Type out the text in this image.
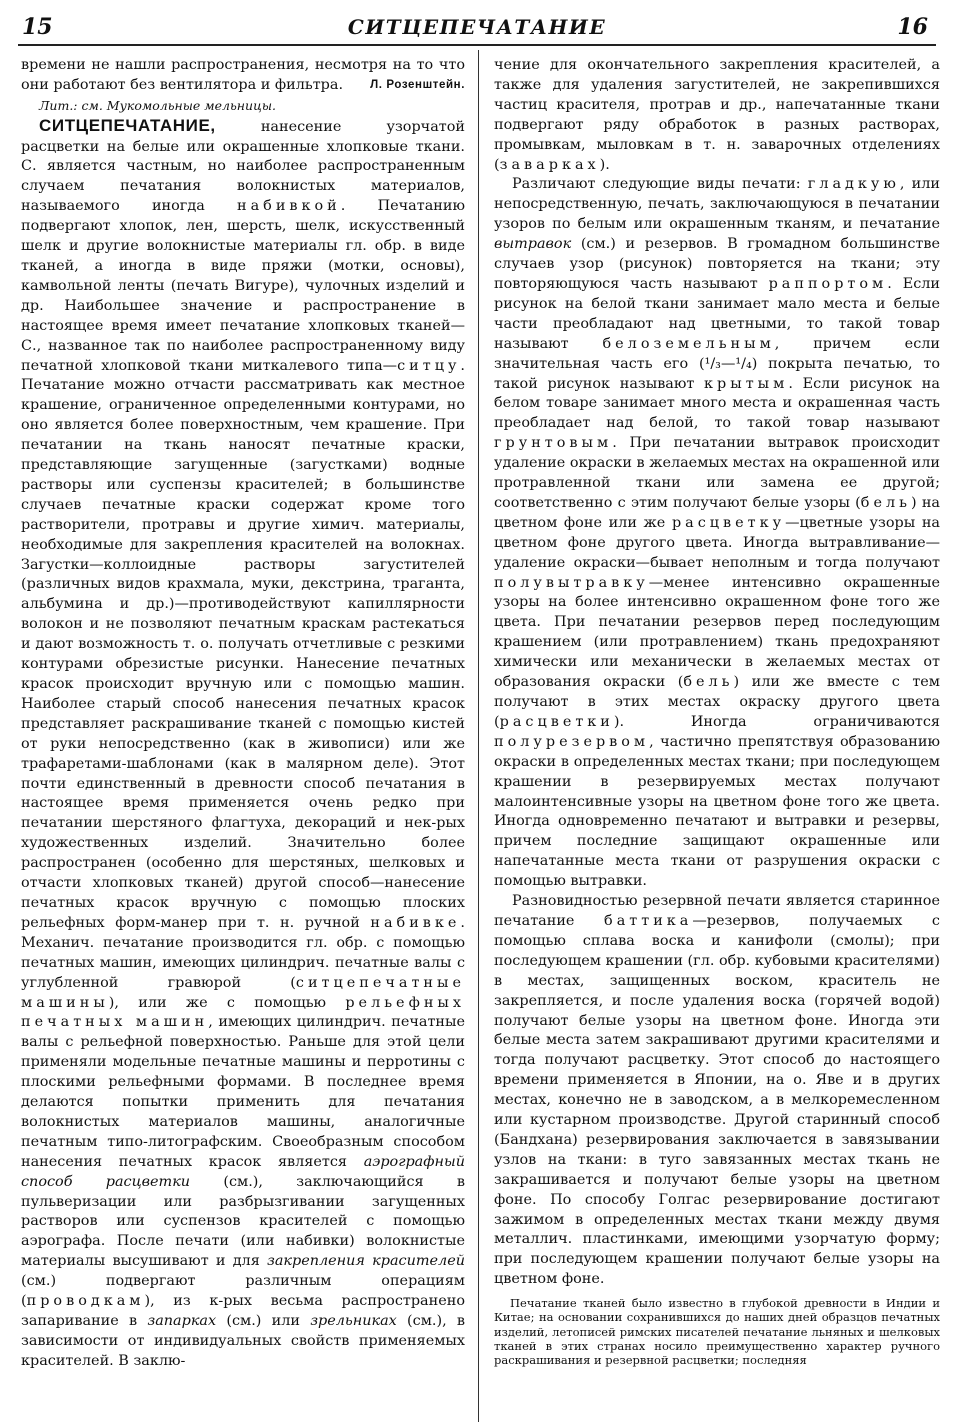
15	СИТЦЕПЕЧАТАНИЕ	16

времени не нашли распространения, несмотря на то что они работают без вентилятора и фильтра.	Л. Розенштейн.

Лит.: см. Мукомольные мельницы.

СИТЦЕПЕЧАТАНИЕ, нанесение узорчатой расцветки на белые или окрашенные хлопковые ткани. С. является частным, но наиболее распространенным случаем печатания волокнистых материалов, называемого иногда набивкой. Печатанию подвергают хлопок, лен, шерсть, шелк, искусственный шелк и другие волокнистые материалы гл. обр. в виде тканей, а иногда в виде пряжи (мотки, основы), камвольной ленты (печать Вигуре), чулочных изделий и др. Наибольшее значение и распространение в настоящее время имеет печатание хлопковых тканей—С., названное так по наиболее распространенному виду печатной хлопковой ткани миткалевого типа—ситцу. Печатание можно отчасти рассматривать как местное крашение, ограниченное определенными контурами, но оно является более поверхностным, чем крашение. При печатании на ткань наносят печатные краски, представляющие загущенные (загустками) водные растворы или суспензы красителей; в большинстве случаев печатные краски содержат кроме того растворители, протравы и другие химич. материалы, необходимые для закрепления красителей на волокнах. Загустки—коллоидные растворы загустителей (различных видов крахмала, муки, декстрина, траганта, альбумина и др.)—противодействуют капиллярности волокон и не позволяют печатным краскам растекаться и дают возможность т. о. получать отчетливые с резкими контурами обрезистые рисунки. Нанесение печатных красок происходит вручную или с помощью машин. Наиболее старый способ нанесения печатных красок представляет раскрашивание тканей с помощью кистей от руки непосредственно (как в живописи) или же трафаретами-шаблонами (как в малярном деле). Этот почти единственный в древности способ печатания в настоящее время применяется очень редко при печатании шерстяного флагтуха, декораций и нек-рых художественных изделий. Значительно более распространен (особенно для шерстяных, шелковых и отчасти хлопковых тканей) другой способ—нанесение печатных красок вручную с помощью плоских рельефных форм-манер при т. н. ручной набивке. Механич. печатание производится гл. обр. с помощью печатных машин, имеющих цилиндрич. печатные валы с углубленной гравюрой (ситцепечатные машины), или же с помощью рельефных печатных машин, имеющих цилиндрич. печатные валы с рельефной поверхностью. Раньше для этой цели применяли модельные печатные машины и перротины с плоскими рельефными формами. В последнее время делаются попытки применить для печатания волокнистых материалов машины, аналогичные печатным типо-литографским. Своеобразным способом нанесения печатных красок является аэрографный способ расцветки (см.), заключающийся в пульверизации или разбрызгивании загущенных растворов или суспензов красителей с помощью аэрографа. После печати (или набивки) волокнистые материалы высушивают и для закрепления красителей (см.) подвергают различным операциям (проводкам), из к-рых весьма распространено запаривание в запарках (см.) или зрельниках (см.), в зависимости от индивидуальных свойств применяемых красителей. В заклю-

чение для окончательного закрепления красителей, а также для удаления загустителей, не закрепившихся частиц красителя, протрав и др., напечатанные ткани подвергают ряду обработок в разных растворах, промывкам, мыловкам в т. н. заварочных отделениях (заварках).

Различают следующие виды печати: гладкую, или непосредственную, печать, заключающуюся в печатании узоров по белым или окрашенным тканям, и печатание вытравок (см.) и резервов. В громадном большинстве случаев узор (рисунок) повторяется на ткани; эту повторяющуюся часть называют раппортом. Если рисунок на белой ткани занимает мало места и белые части преобладают над цветными, то такой товар называют белоземельным, причем если значительная часть его (¹/₃—¹/₄) покрыта печатью, то такой рисунок называют крытым. Если рисунок на белом товаре занимает много места и окрашенная часть преобладает над белой, то такой товар называют грунтовым. При печатании вытравок происходит удаление окраски в желаемых местах на окрашенной или протравленной ткани или замена ее другой; соответственно с этим получают белые узоры (бель) на цветном фоне или же расцветку—цветные узоры на цветном фоне другого цвета. Иногда вытравливание—удаление окраски—бывает неполным и тогда получают полувытравку—менее интенсивно окрашенные узоры на более интенсивно окрашенном фоне того же цвета. При печатании резервов перед последующим крашением (или протравлением) ткань предохраняют химически или механически в желаемых местах от образования окраски (бель) или же вместе с тем получают в этих местах окраску другого цвета (расцветки). Иногда ограничиваются полурезервом, частично препятствуя образованию окраски в определенных местах ткани; при последующем крашении в резервируемых местах получают малоинтенсивные узоры на цветном фоне того же цвета. Иногда одновременно печатают и вытравки и резервы, причем последние защищают окрашенные или напечатанные места ткани от разрушения окраски с помощью вытравки.

Разновидностью резервной печати является старинное печатание баттика—резервов, получаемых с помощью сплава воска и канифоли (смолы); при последующем крашении (гл. обр. кубовыми красителями) в местах, защищенных воском, краситель не закрепляется, и после удаления воска (горячей водой) получают белые узоры на цветном фоне. Иногда эти белые места затем закрашивают другими красителями и тогда получают расцветку. Этот способ до настоящего времени применяется в Японии, на о. Яве и в других местах, конечно не в заводском, а в мелкоремесленном или кустарном производстве. Другой старинный способ (Бандхана) резервирования заключается в завязывании узлов на ткани: в туго завязанных местах ткань не закрашивается и получают белые узоры на цветном фоне. По способу Голгас резервирование достигают зажимом в определенных местах ткани между двумя металлич. пластинками, имеющими узорчатую форму; при последующем крашении получают белые узоры на цветном фоне.

Печатание тканей было известно в глубокой древности в Индии и Китае; на основании сохранившихся до наших дней образцов печатных изделий, летописей римских писателей печатание льняных и шелковых тканей в этих странах носило преимущественно характер ручного раскрашивания и резервной расцветки; последняя
